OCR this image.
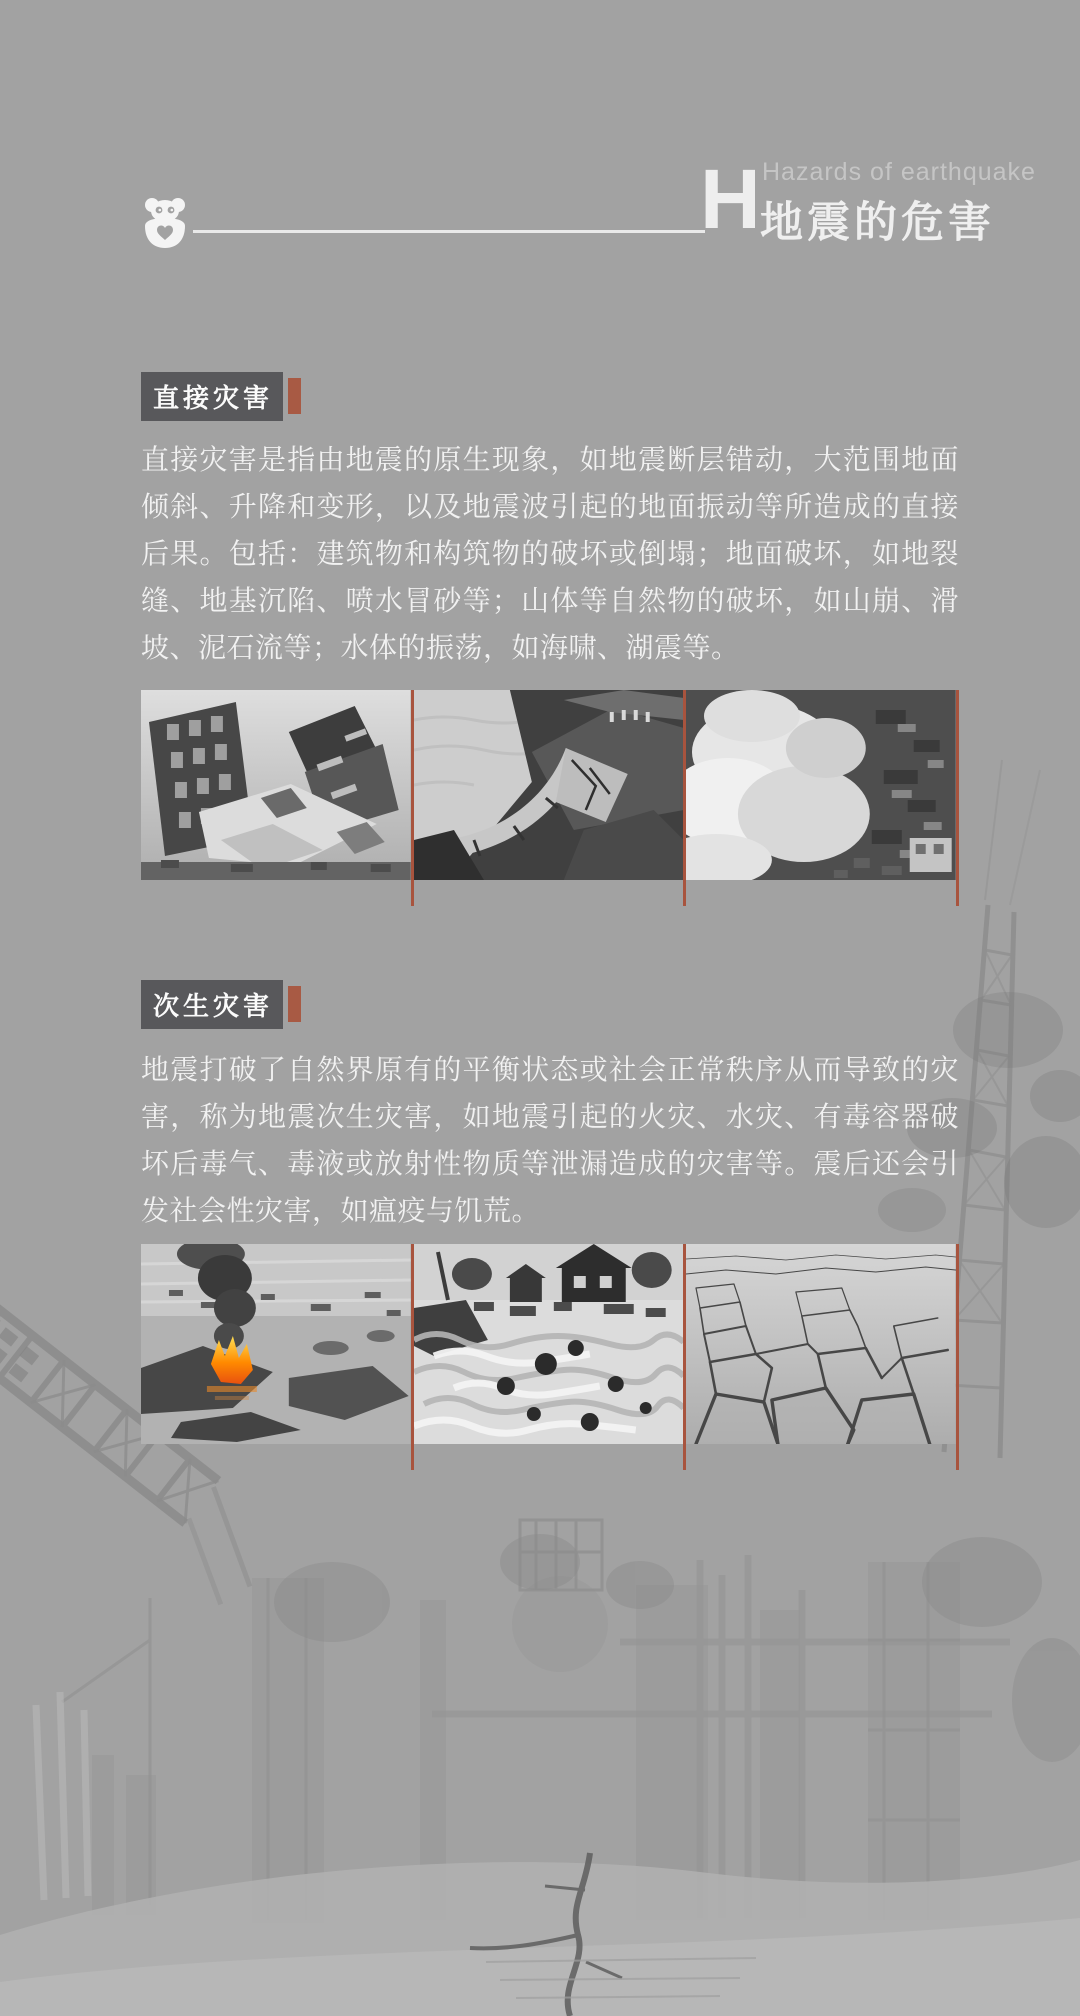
H Hazards of earthquake
地震的危害
直接灾害

直接灾害是指由地震的原生现象，如地震断层错动，大范围地面倾斜、升降和变形，以及地震波引起的地面振动等所造成的直接后果。包括：建筑物和构筑物的破坏或倒塌；地面破坏，如地裂缝、地基沉陷、喷水冒砂等；山体等自然物的破坏，如山崩、滑坡、泥石流等；水体的振荡，如海啸、湖震等。

次生灾害

地震打破了自然界原有的平衡状态或社会正常秩序从而导致的灾害，称为地震次生灾害，如地震引起的火灾、水灾、有毒容器破坏后毒气、毒液或放射性物质等泄漏造成的灾害等。震后还会引发社会性灾害，如瘟疫与饥荒。
